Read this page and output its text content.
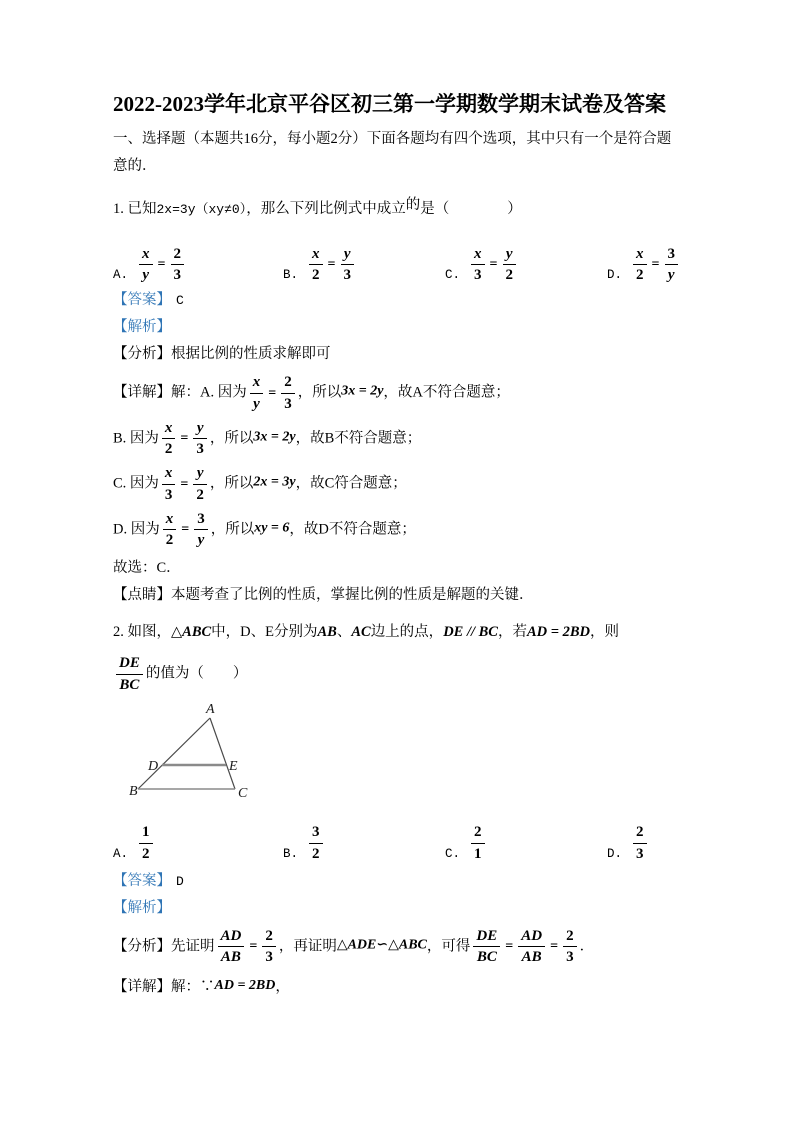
2022-2023学年北京平谷区初三第一学期数学期末试卷及答案
一、选择题（本题共16分，每小题2分）下面各题均有四个选项，其中只有一个是符合题意的．
1. 已知2x=3y（xy≠0），那么下列比例式中成立的是（　　　　）
A. $\frac{x}{y} = \frac{2}{3}$	B. $\frac{x}{2} = \frac{y}{3}$	C. $\frac{x}{3} = \frac{y}{2}$	D. $\frac{x}{2} = \frac{3}{y}$
【答案】 C
【解析】
【分析】根据比例的性质求解即可
【详解】解：A. 因为 $\frac{x}{y} = \frac{2}{3}$ ，所以3x = 2y，故A不符合题意；
B. 因为 $\frac{x}{2} = \frac{y}{3}$ ，所以3x = 2y，故B不符合题意；
C. 因为 $\frac{x}{3} = \frac{y}{2}$ ，所以2x = 3y，故C符合题意；
D. 因为 $\frac{x}{2} = \frac{3}{y}$ ，所以xy = 6，故D不符合题意；
故选：C．
【点睛】本题考查了比例的性质，掌握比例的性质是解题的关键．
2. 如图，△ABC中，D、E分别为AB、AC边上的点，DE // BC，若AD = 2BD，则
$\frac{DE}{BC}$ 的值为（　　）
A
B	C
D	E
A. $\frac{1}{2}$	B. $\frac{3}{2}$	C. $\frac{2}{1}$	D. $\frac{2}{3}$
【答案】 D
【解析】
【分析】先证明 $\frac{AD}{AB} = \frac{2}{3}$ ，再证明△ADE∽△ABC，可得 $\frac{DE}{BC} = \frac{AD}{AB} = \frac{2}{3}$ ．
【详解】解：∵AD = 2BD，
